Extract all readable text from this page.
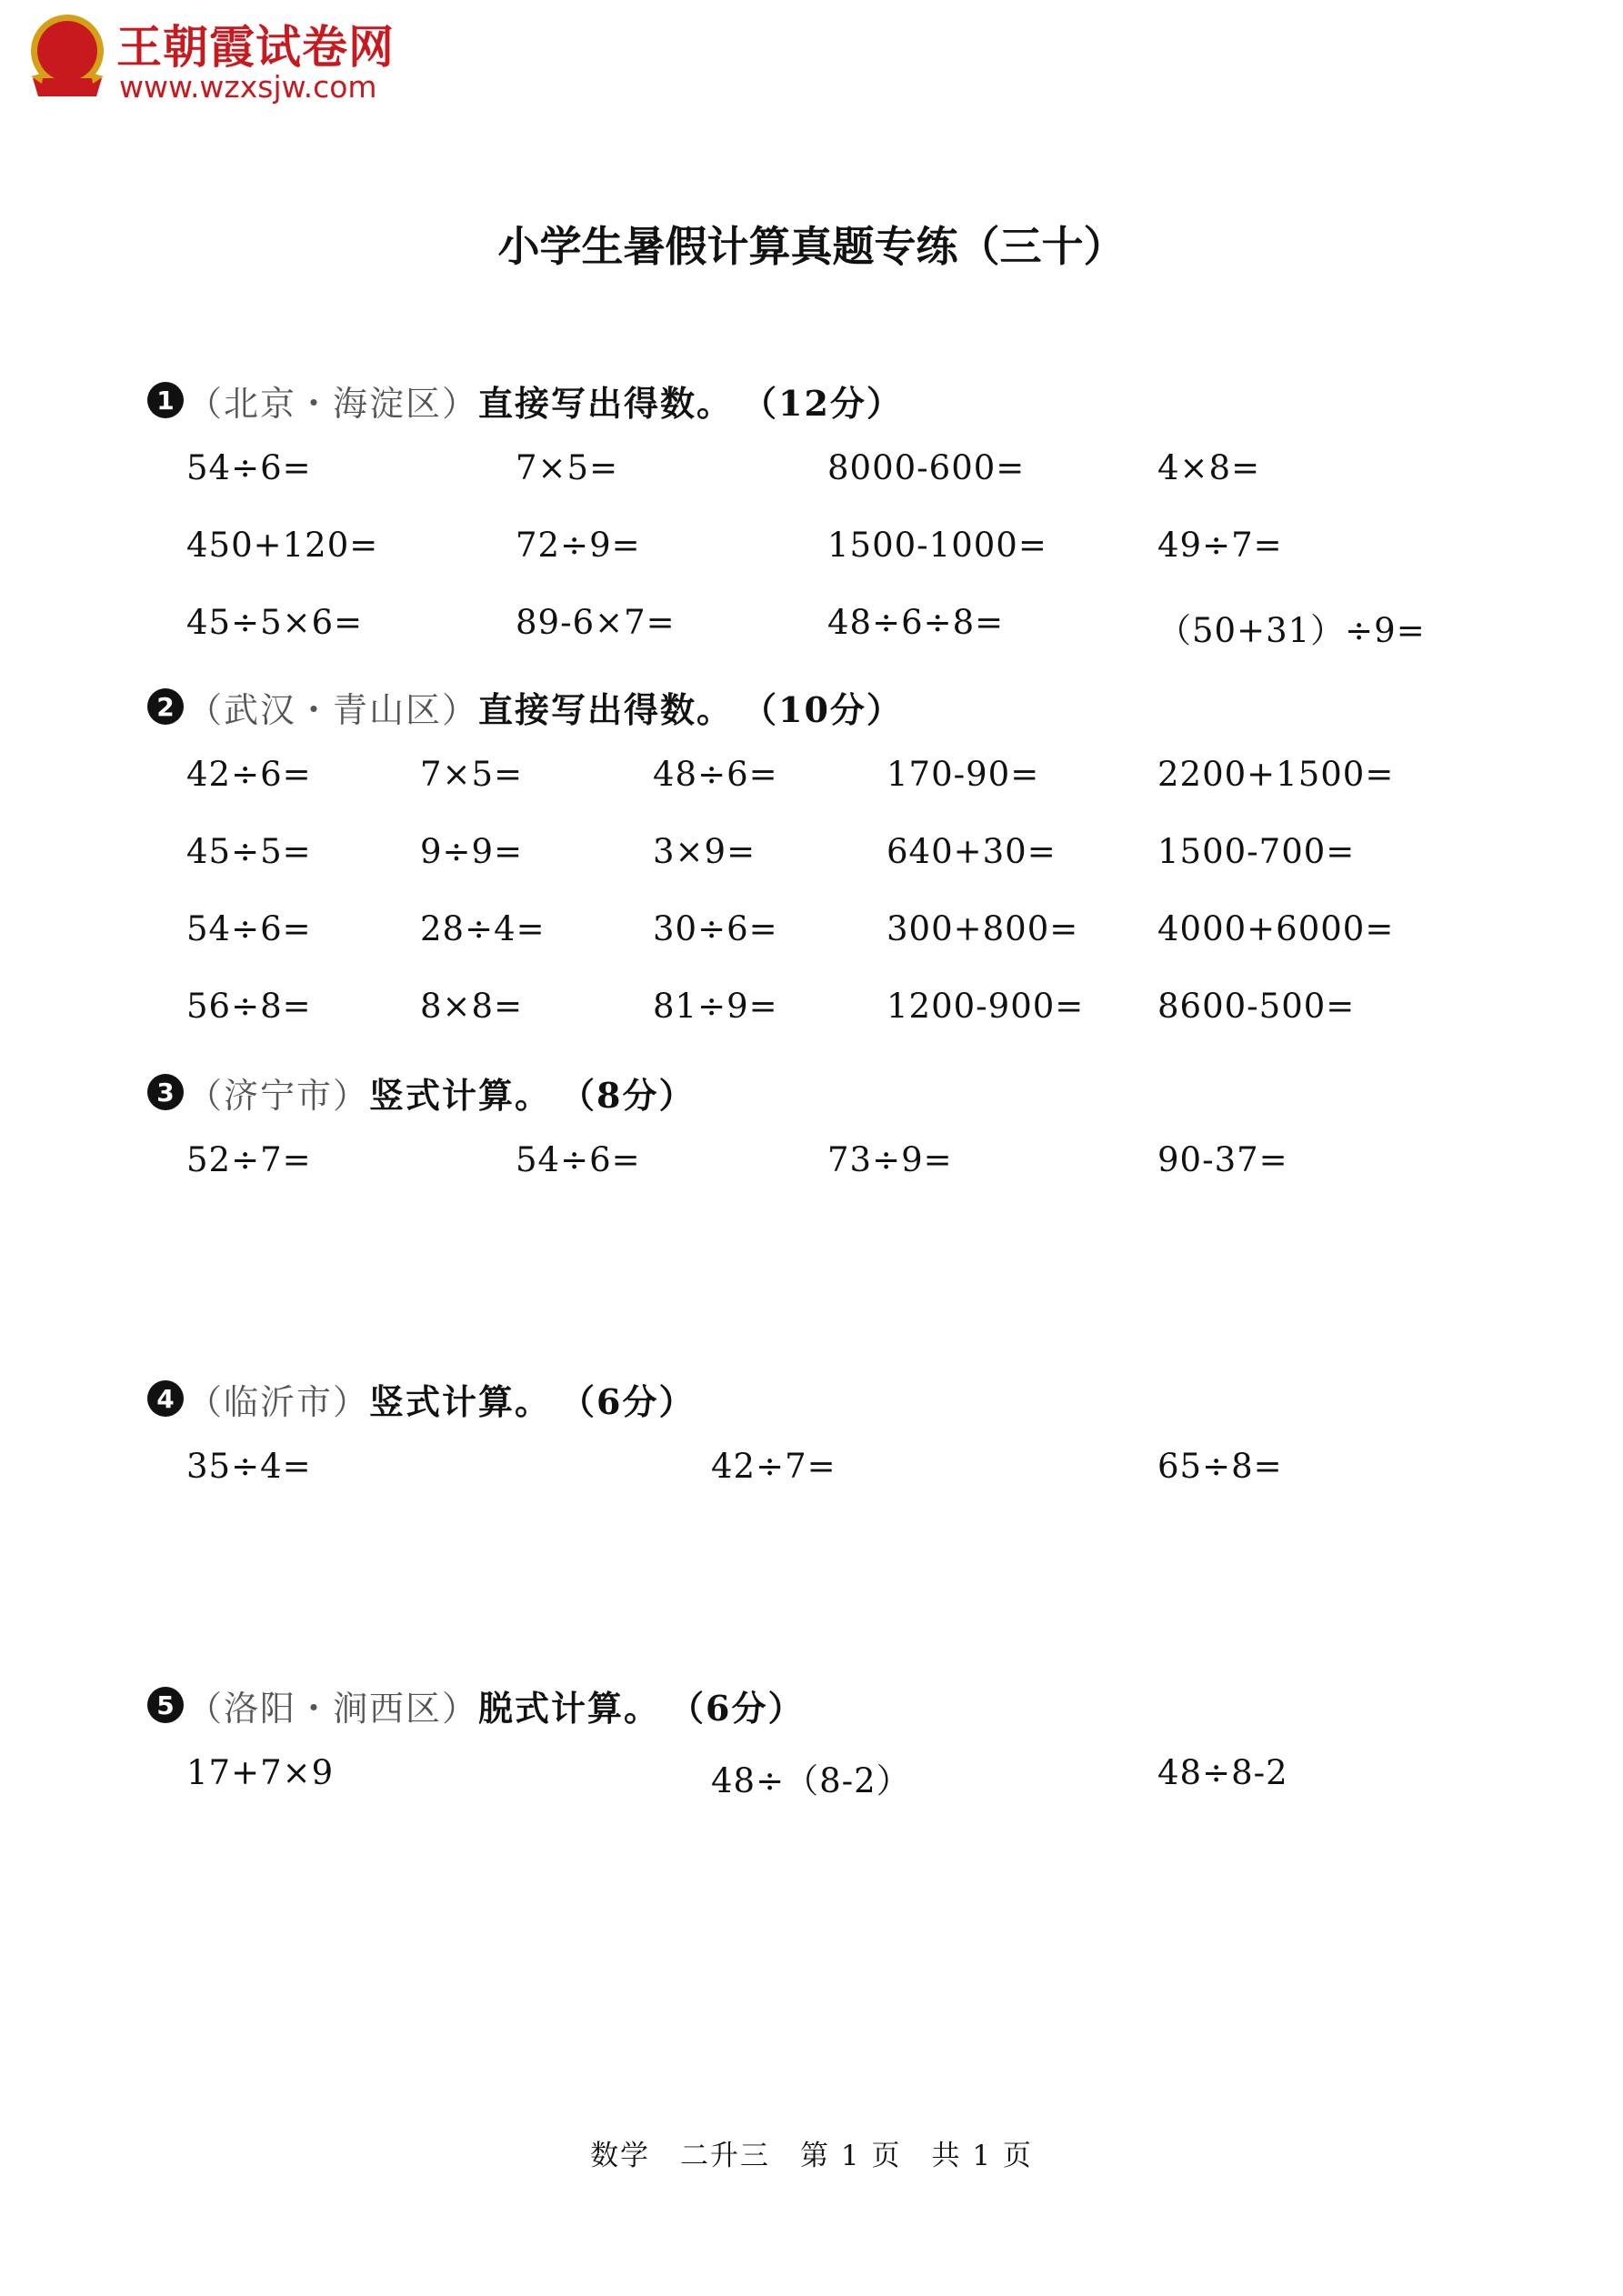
王朝霞试卷网
www.wzxsjw.com
小学生暑假计算真题专练（三十）
1 （北京・海淀区） 直接写出得数。 （12分）
54÷6=	7×5=	8000-600=	4×8=
450+120=	72÷9=	1500-1000=	49÷7=
45÷5×6=	89-6×7=	48÷6÷8=	（50+31）÷9=
2 （武汉・青山区） 直接写出得数。 （10分）
42÷6=	7×5=	48÷6=	170-90=	2200+1500=
45÷5=	9÷9=	3×9=	640+30=	1500-700=
54÷6=	28÷4=	30÷6=	300+800= 4000+6000=
56÷8=	8×8=	81÷9=	1200-900= 8600-500=
3 （济宁市） 竖式计算。 （8分）
52÷7=	54÷6=	73÷9=	90-37=
4 （临沂市） 竖式计算。 （6分）
35÷4=	42÷7=	65÷8=
5 （洛阳・涧西区） 脱式计算。 （6分）
17+7×9	48÷（8-2）	48÷8-2
数学　二升三　第 1 页　共 1 页
